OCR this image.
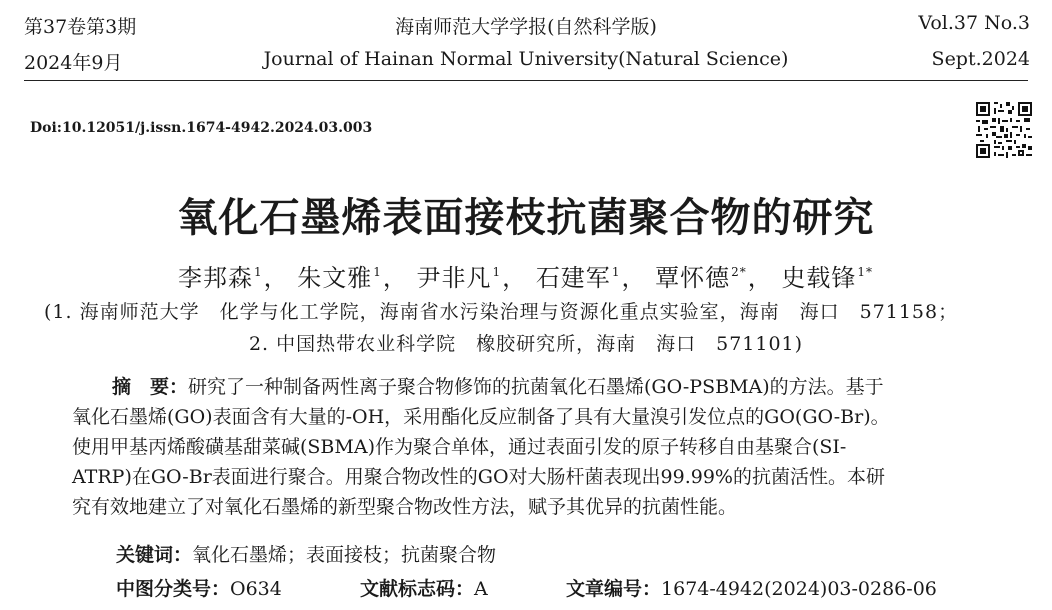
第37卷第3期	海南师范大学学报(自然科学版)	Vol.37 No.3
2024年9月	Journal of Hainan Normal University(Natural Science)	Sept.2024
Doi:10.12051/j.issn.1674-4942.2024.03.003
氧化石墨烯表面接枝抗菌聚合物的研究
李邦森$^1$， 朱文雅$^1$， 尹非凡$^1$， 石建军$^1$， 覃怀德$^{2*}$， 史载锋$^{1*}$
(1. 海南师范大学　化学与化工学院，海南省水污染治理与资源化重点实验室，海南　海口　571158；
2. 中国热带农业科学院　橡胶研究所，海南　海口　571101)
摘　要：研究了一种制备两性离子聚合物修饰的抗菌氧化石墨烯(GO-PSBMA)的方法。基于
氧化石墨烯(GO)表面含有大量的-OH，采用酯化反应制备了具有大量溴引发位点的GO(GO-Br)。
使用甲基丙烯酸磺基甜菜碱(SBMA)作为聚合单体，通过表面引发的原子转移自由基聚合(SI-
ATRP)在GO-Br表面进行聚合。用聚合物改性的GO对大肠杆菌表现出99.99%的抗菌活性。本研
究有效地建立了对氧化石墨烯的新型聚合物改性方法，赋予其优异的抗菌性能。
关键词：氧化石墨烯；表面接枝；抗菌聚合物
中图分类号：O634	文献标志码：A	文章编号：1674-4942(2024)03-0286-06
